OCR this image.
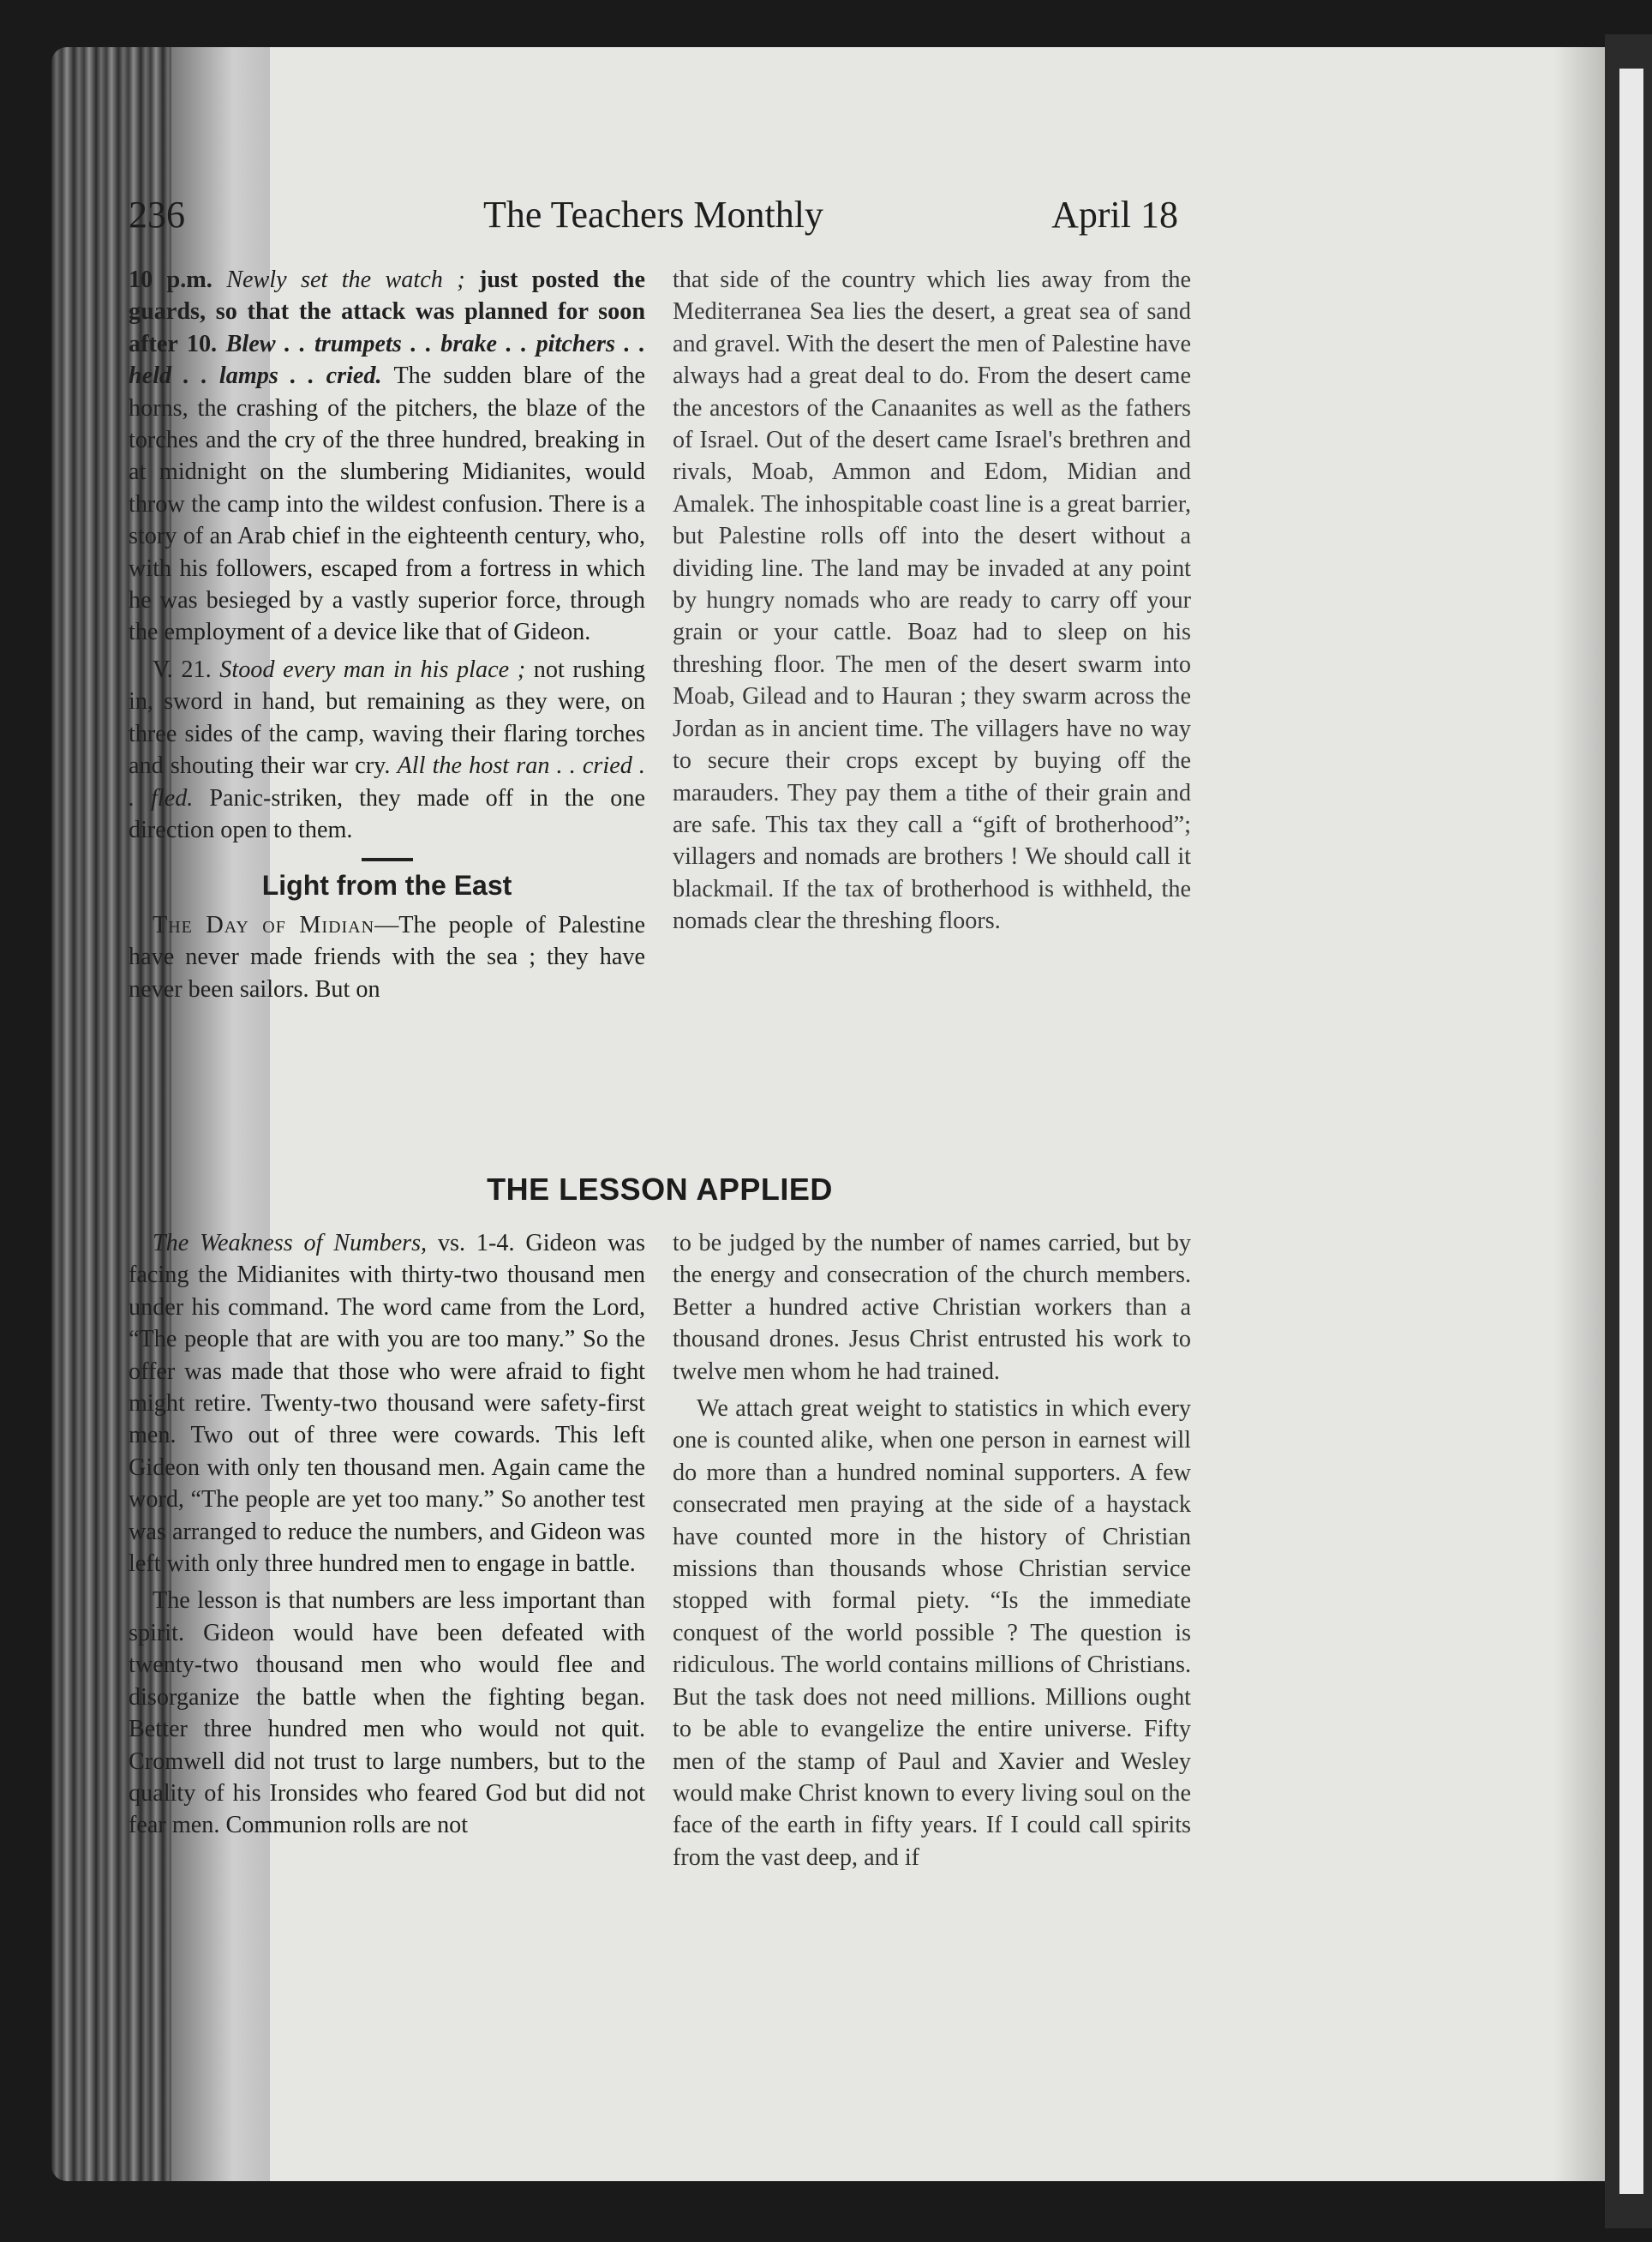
236	The Teachers Monthly	April 18

10 p.m. Newly set the watch ; just posted the guards, so that the attack was planned for soon after 10. Blew . . trumpets . . brake . . pitchers . . held . . lamps . . cried. The sudden blare of the horns, the crashing of the pitchers, the blaze of the torches and the cry of the three hundred, breaking in at midnight on the slumbering Midianites, would throw the camp into the wildest confusion. There is a story of an Arab chief in the eighteenth century, who, with his followers, escaped from a fortress in which he was besieged by a vastly superior force, through the employment of a device like that of Gideon.

V. 21. Stood every man in his place ; not rushing in, sword in hand, but remaining as they were, on three sides of the camp, waving their flaring torches and shouting their war cry. All the host ran . . cried . . fled. Panic-striken, they made off in the one direction open to them.

Light from the East

The Day of Midian—The people of Palestine have never made friends with the sea ; they have never been sailors. But on

that side of the country which lies away from the Mediterranea Sea lies the desert, a great sea of sand and gravel. With the desert the men of Palestine have always had a great deal to do. From the desert came the ancestors of the Canaanites as well as the fathers of Israel. Out of the desert came Israel's brethren and rivals, Moab, Ammon and Edom, Midian and Amalek. The inhospitable coast line is a great barrier, but Palestine rolls off into the desert without a dividing line. The land may be invaded at any point by hungry nomads who are ready to carry off your grain or your cattle. Boaz had to sleep on his threshing floor. The men of the desert swarm into Moab, Gilead and to Hauran ; they swarm across the Jordan as in ancient time. The villagers have no way to secure their crops except by buying off the marauders. They pay them a tithe of their grain and are safe. This tax they call a “gift of brotherhood”; villagers and nomads are brothers ! We should call it blackmail. If the tax of brotherhood is withheld, the nomads clear the threshing floors.

THE LESSON APPLIED

The Weakness of Numbers, vs. 1-4. Gideon was facing the Midianites with thirty-two thousand men under his command. The word came from the Lord, “The people that are with you are too many.” So the offer was made that those who were afraid to fight might retire. Twenty-two thousand were safety-first men. Two out of three were cowards. This left Gideon with only ten thousand men. Again came the word, “The people are yet too many.” So another test was arranged to reduce the numbers, and Gideon was left with only three hundred men to engage in battle.

The lesson is that numbers are less important than spirit. Gideon would have been defeated with twenty-two thousand men who would flee and disorganize the battle when the fighting began. Better three hundred men who would not quit. Cromwell did not trust to large numbers, but to the quality of his Ironsides who feared God but did not fear men. Communion rolls are not

to be judged by the number of names carried, but by the energy and consecration of the church members. Better a hundred active Christian workers than a thousand drones. Jesus Christ entrusted his work to twelve men whom he had trained.

We attach great weight to statistics in which every one is counted alike, when one person in earnest will do more than a hundred nominal supporters. A few consecrated men praying at the side of a haystack have counted more in the history of Christian missions than thousands whose Christian service stopped with formal piety. “Is the immediate conquest of the world possible ? The question is ridiculous. The world contains millions of Christians. But the task does not need millions. Millions ought to be able to evangelize the entire universe. Fifty men of the stamp of Paul and Xavier and Wesley would make Christ known to every living soul on the face of the earth in fifty years. If I could call spirits from the vast deep, and if
